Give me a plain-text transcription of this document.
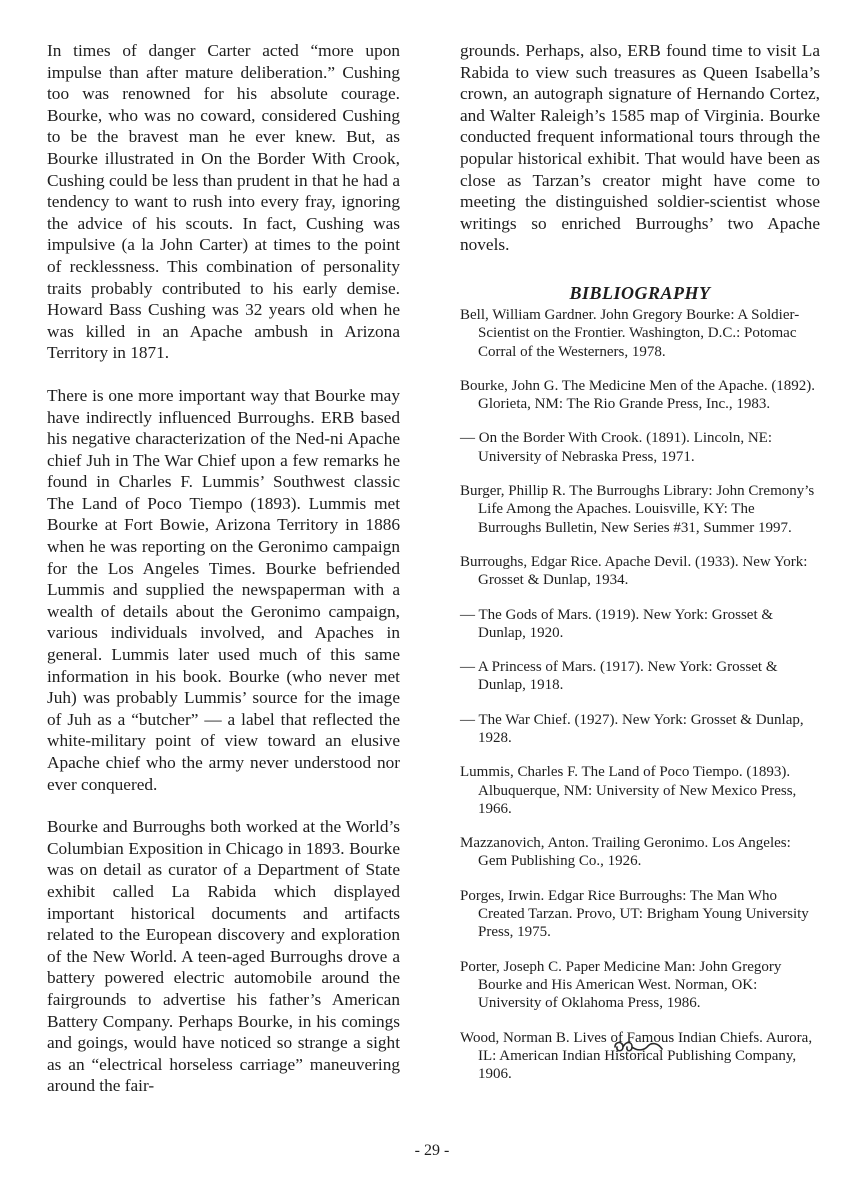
In times of danger Carter acted “more upon impulse than after mature deliberation.” Cushing too was renowned for his absolute courage. Bourke, who was no coward, considered Cushing to be the bravest man he ever knew. But, as Bourke illustrated in On the Border With Crook, Cushing could be less than prudent in that he had a tendency to want to rush into every fray, ignoring the advice of his scouts. In fact, Cushing was impulsive (a la John Carter) at times to the point of recklessness. This combination of personality traits probably contributed to his early demise. Howard Bass Cushing was 32 years old when he was killed in an Apache ambush in Arizona Territory in 1871.

There is one more important way that Bourke may have indirectly influenced Burroughs. ERB based his negative characterization of the Ned-ni Apache chief Juh in The War Chief upon a few remarks he found in Charles F. Lummis’ Southwest classic The Land of Poco Tiempo (1893). Lummis met Bourke at Fort Bowie, Arizona Territory in 1886 when he was reporting on the Geronimo campaign for the Los Angeles Times. Bourke befriended Lummis and supplied the newspaperman with a wealth of details about the Geronimo campaign, various individuals involved, and Apaches in general. Lummis later used much of this same information in his book. Bourke (who never met Juh) was probably Lummis’ source for the image of Juh as a “butcher” — a label that reflected the white-military point of view toward an elusive Apache chief who the army never understood nor ever conquered.

Bourke and Burroughs both worked at the World’s Columbian Exposition in Chicago in 1893. Bourke was on detail as curator of a Department of State exhibit called La Rabida which displayed important historical documents and artifacts related to the European discovery and exploration of the New World. A teen-aged Burroughs drove a battery powered electric automobile around the fairgrounds to advertise his father’s American Battery Company. Perhaps Bourke, in his comings and goings, would have noticed so strange a sight as an “electrical horseless carriage” maneuvering around the fair-

grounds. Perhaps, also, ERB found time to visit La Rabida to view such treasures as Queen Isabella’s crown, an autograph signature of Hernando Cortez, and Walter Raleigh’s 1585 map of Virginia. Bourke conducted frequent informational tours through the popular historical exhibit. That would have been as close as Tarzan’s creator might have come to meeting the distinguished soldier-scientist whose writings so enriched Burroughs’ two Apache novels.

BIBLIOGRAPHY
Bell, William Gardner. John Gregory Bourke: A Soldier-Scientist on the Frontier. Washington, D.C.: Potomac Corral of the Westerners, 1978.
Bourke, John G. The Medicine Men of the Apache. (1892). Glorieta, NM: The Rio Grande Press, Inc., 1983.
— On the Border With Crook. (1891). Lincoln, NE: University of Nebraska Press, 1971.
Burger, Phillip R. The Burroughs Library: John Cremony’s Life Among the Apaches. Louisville, KY: The Burroughs Bulletin, New Series #31, Summer 1997.
Burroughs, Edgar Rice. Apache Devil. (1933). New York: Grosset & Dunlap, 1934.
— The Gods of Mars. (1919). New York: Grosset & Dunlap, 1920.
— A Princess of Mars. (1917). New York: Grosset & Dunlap, 1918.
— The War Chief. (1927). New York: Grosset & Dunlap, 1928.
Lummis, Charles F. The Land of Poco Tiempo. (1893). Albuquerque, NM: University of New Mexico Press, 1966.
Mazzanovich, Anton. Trailing Geronimo. Los Angeles: Gem Publishing Co., 1926.
Porges, Irwin. Edgar Rice Burroughs: The Man Who Created Tarzan. Provo, UT: Brigham Young University Press, 1975.
Porter, Joseph C. Paper Medicine Man: John Gregory Bourke and His American West. Norman, OK: University of Oklahoma Press, 1986.
Wood, Norman B. Lives of Famous Indian Chiefs. Aurora, IL: American Indian Historical Publishing Company, 1906.
- 29 -
